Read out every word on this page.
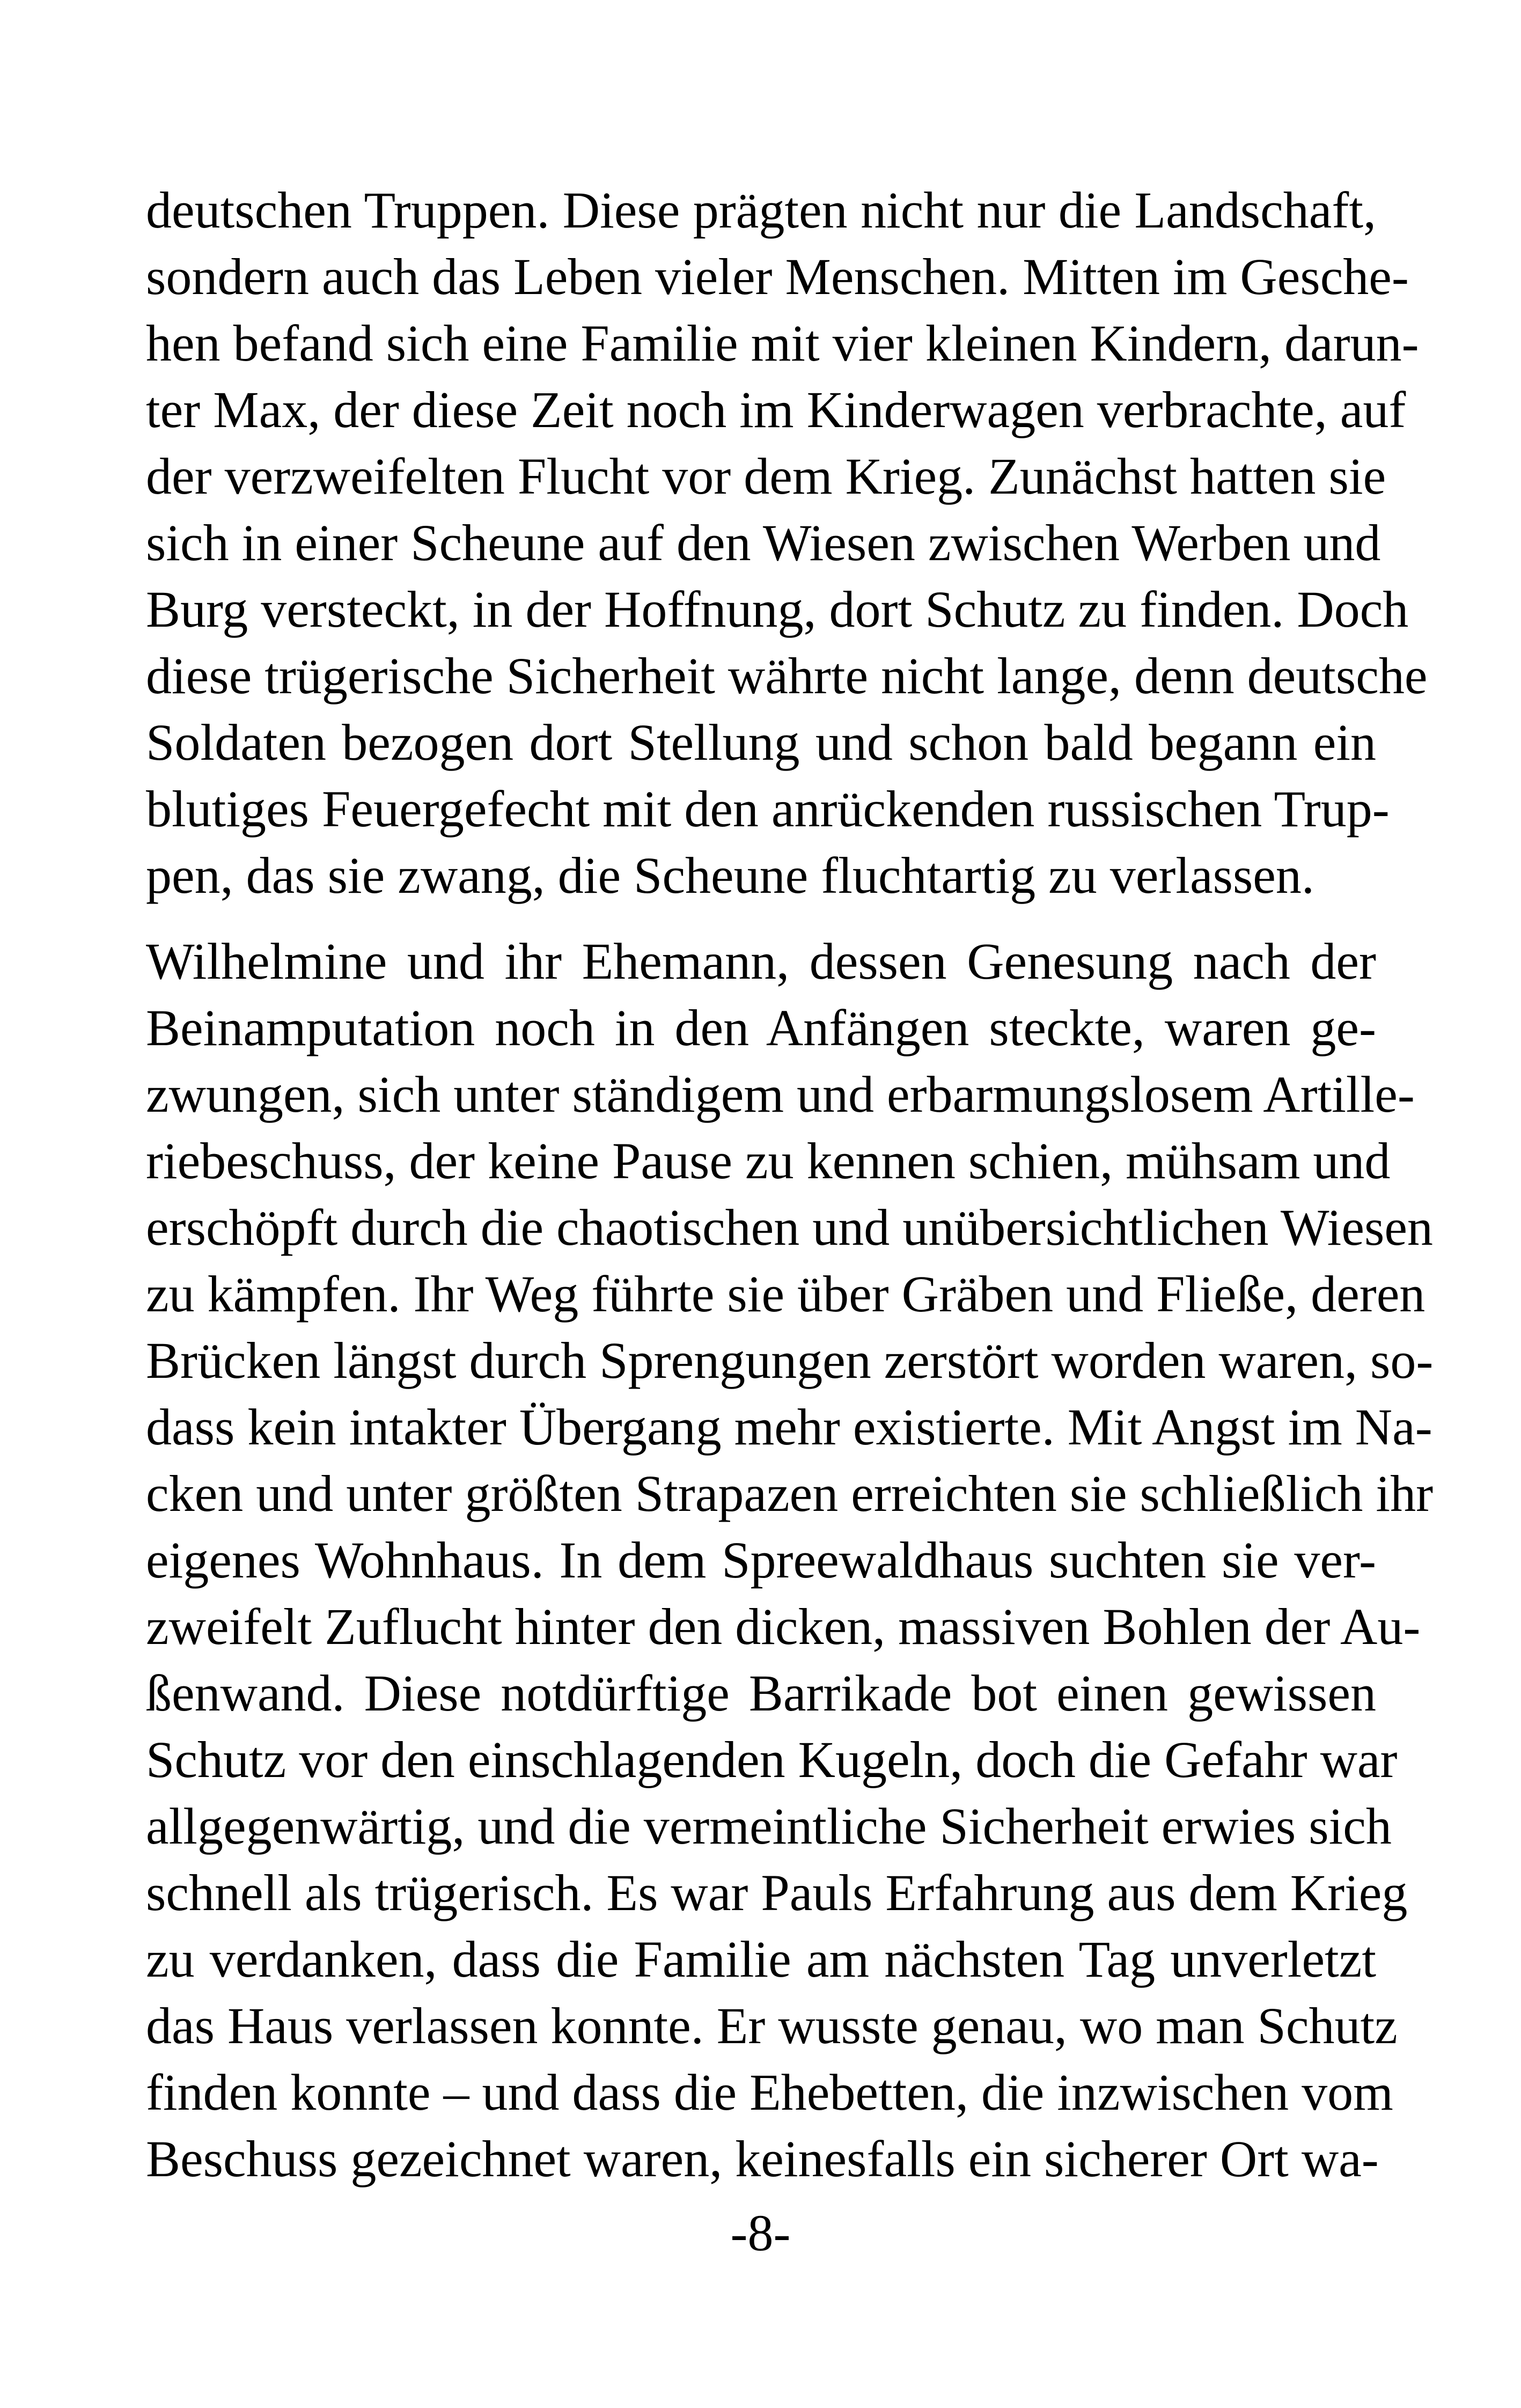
deutschen Truppen. Diese prägten nicht nur die Landschaft,
sondern auch das Leben vieler Menschen. Mitten im Gesche-
hen befand sich eine Familie mit vier kleinen Kindern, darun-
ter Max, der diese Zeit noch im Kinderwagen verbrachte, auf
der verzweifelten Flucht vor dem Krieg. Zunächst hatten sie
sich in einer Scheune auf den Wiesen zwischen Werben und
Burg versteckt, in der Hoffnung, dort Schutz zu finden. Doch
diese trügerische Sicherheit währte nicht lange, denn deutsche
Soldaten bezogen dort Stellung und schon bald begann ein
blutiges Feuergefecht mit den anrückenden russischen Trup-
pen, das sie zwang, die Scheune fluchtartig zu verlassen.
Wilhelmine und ihr Ehemann, dessen Genesung nach der
Beinamputation noch in den Anfängen steckte, waren ge-
zwungen, sich unter ständigem und erbarmungslosem Artille-
riebeschuss, der keine Pause zu kennen schien, mühsam und
erschöpft durch die chaotischen und unübersichtlichen Wiesen
zu kämpfen. Ihr Weg führte sie über Gräben und Fließe, deren
Brücken längst durch Sprengungen zerstört worden waren, so-
dass kein intakter Übergang mehr existierte. Mit Angst im Na-
cken und unter größten Strapazen erreichten sie schließlich ihr
eigenes Wohnhaus. In dem Spreewaldhaus suchten sie ver-
zweifelt Zuflucht hinter den dicken, massiven Bohlen der Au-
ßenwand. Diese notdürftige Barrikade bot einen gewissen
Schutz vor den einschlagenden Kugeln, doch die Gefahr war
allgegenwärtig, und die vermeintliche Sicherheit erwies sich
schnell als trügerisch. Es war Pauls Erfahrung aus dem Krieg
zu verdanken, dass die Familie am nächsten Tag unverletzt
das Haus verlassen konnte. Er wusste genau, wo man Schutz
finden konnte – und dass die Ehebetten, die inzwischen vom
Beschuss gezeichnet waren, keinesfalls ein sicherer Ort wa-
-8-
